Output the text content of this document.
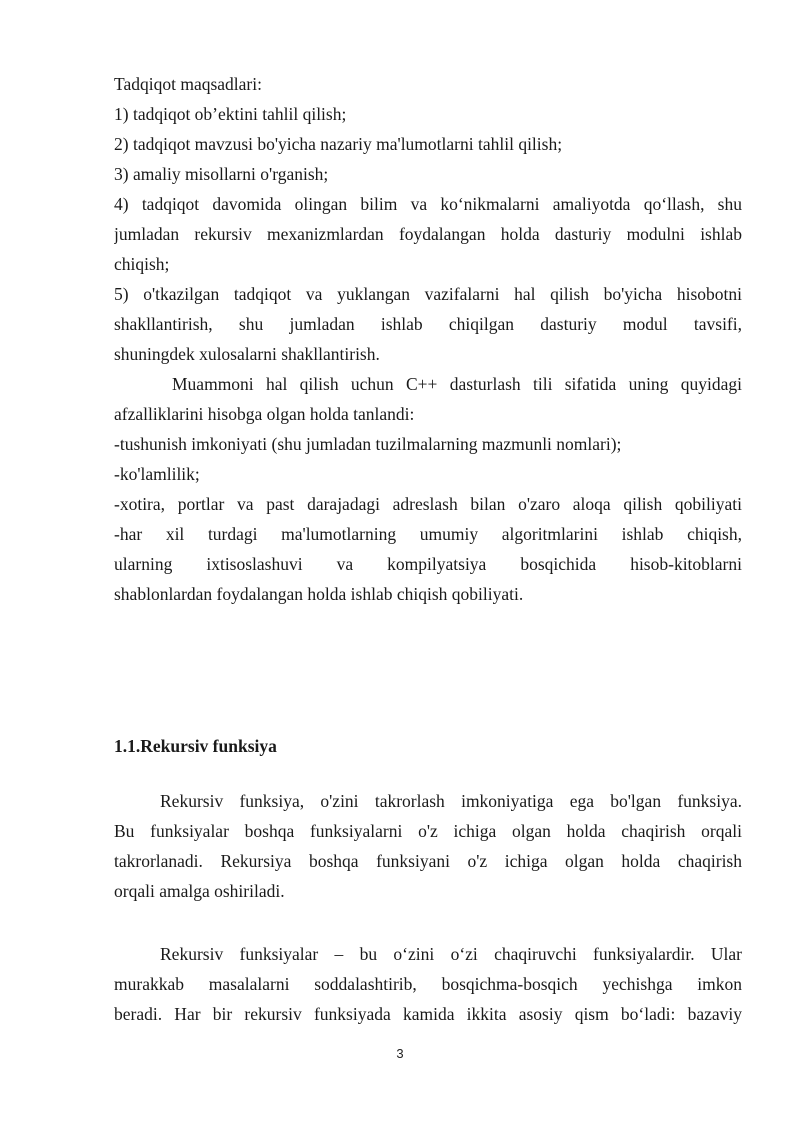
Tadqiqot maqsadlari:
1) tadqiqot ob’ektini tahlil qilish;
2) tadqiqot mavzusi bo'yicha nazariy ma'lumotlarni tahlil qilish;
3) amaliy misollarni o'rganish;
4) tadqiqot davomida olingan bilim va ko‘nikmalarni amaliyotda qo‘llash, shu
jumladan rekursiv mexanizmlardan foydalangan holda dasturiy modulni ishlab
chiqish;
5) o'tkazilgan tadqiqot va yuklangan vazifalarni hal qilish bo'yicha hisobotni
shakllantirish, shu jumladan ishlab chiqilgan dasturiy modul tavsifi,
shuningdek xulosalarni shakllantirish.
Muammoni hal qilish uchun C++ dasturlash tili sifatida uning quyidagi
afzalliklarini hisobga olgan holda tanlandi:
-tushunish imkoniyati (shu jumladan tuzilmalarning mazmunli nomlari);
-ko'lamlilik;
-xotira, portlar va past darajadagi adreslash bilan o'zaro aloqa qilish qobiliyati
-har xil turdagi ma'lumotlarning umumiy algoritmlarini ishlab chiqish,
ularning ixtisoslashuvi va kompilyatsiya bosqichida hisob-kitoblarni
shablonlardan foydalangan holda ishlab chiqish qobiliyati.
1.1.Rekursiv funksiya
Rekursiv funksiya, o'zini takrorlash imkoniyatiga ega bo'lgan funksiya.
Bu funksiyalar boshqa funksiyalarni o'z ichiga olgan holda chaqirish orqali
takrorlanadi. Rekursiya boshqa funksiyani o'z ichiga olgan holda chaqirish
orqali amalga oshiriladi.
Rekursiv funksiyalar – bu o‘zini o‘zi chaqiruvchi funksiyalardir. Ular
murakkab masalalarni soddalashtirib, bosqichma-bosqich yechishga imkon
beradi. Har bir rekursiv funksiyada kamida ikkita asosiy qism bo‘ladi: bazaviy
3
